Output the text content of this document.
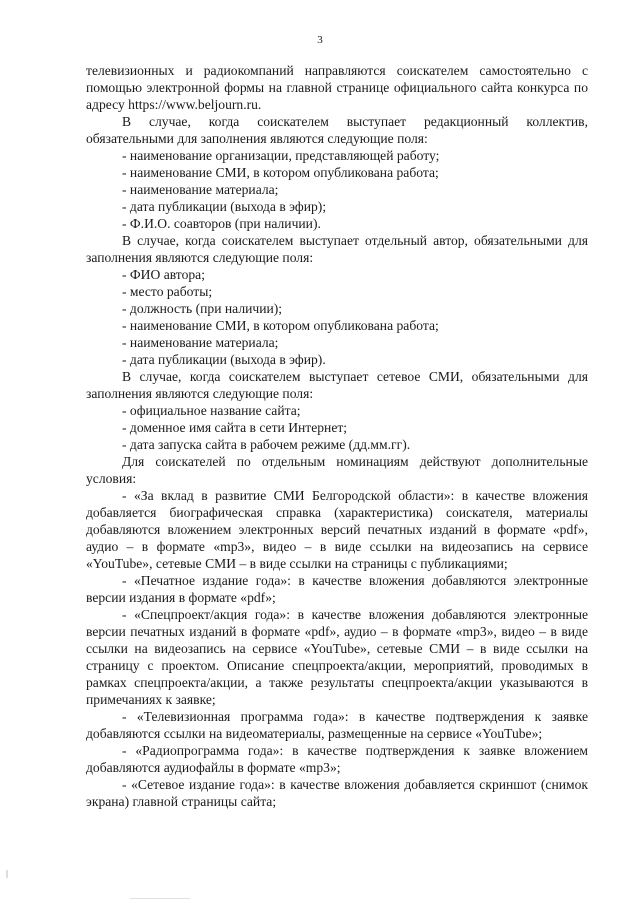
3
телевизионных и радиокомпаний направляются соискателем самостоятельно с помощью электронной формы на главной странице официального сайта конкурса по адресу https://www.beljourn.ru.
В случае, когда соискателем выступает редакционный коллектив, обязательными для заполнения являются следующие поля:
- наименование организации, представляющей работу;
- наименование СМИ, в котором опубликована работа;
- наименование материала;
- дата публикации (выхода в эфир);
- Ф.И.О. соавторов (при наличии).
В случае, когда соискателем выступает отдельный автор, обязательными для заполнения являются следующие поля:
- ФИО автора;
- место работы;
- должность (при наличии);
- наименование СМИ, в котором опубликована работа;
- наименование материала;
- дата публикации (выхода в эфир).
В случае, когда соискателем выступает сетевое СМИ, обязательными для заполнения являются следующие поля:
- официальное название сайта;
- доменное имя сайта в сети Интернет;
- дата запуска сайта в рабочем режиме (дд.мм.гг).
Для соискателей по отдельным номинациям действуют дополнительные условия:
- «За вклад в развитие СМИ Белгородской области»: в качестве вложения добавляется биографическая справка (характеристика) соискателя, материалы добавляются вложением электронных версий печатных изданий в формате «pdf», аудио – в формате «mp3», видео – в виде ссылки на видеозапись на сервисе «YouTube», сетевые СМИ – в виде ссылки на страницы с публикациями;
- «Печатное издание года»: в качестве вложения добавляются электронные версии издания в формате «pdf»;
- «Спецпроект/акция года»: в качестве вложения добавляются электронные версии печатных изданий в формате «pdf», аудио – в формате «mp3», видео – в виде ссылки на видеозапись на сервисе «YouTube», сетевые СМИ – в виде ссылки на страницу с проектом. Описание спецпроекта/акции, мероприятий, проводимых в рамках спецпроекта/акции, а также результаты спецпроекта/акции указываются в примечаниях к заявке;
- «Телевизионная программа года»: в качестве подтверждения к заявке добавляются ссылки на видеоматериалы, размещенные на сервисе «YouTube»;
- «Радиопрограмма года»: в качестве подтверждения к заявке вложением добавляются аудиофайлы в формате «mp3»;
- «Сетевое издание года»: в качестве вложения добавляется скриншот (снимок экрана) главной страницы сайта;
